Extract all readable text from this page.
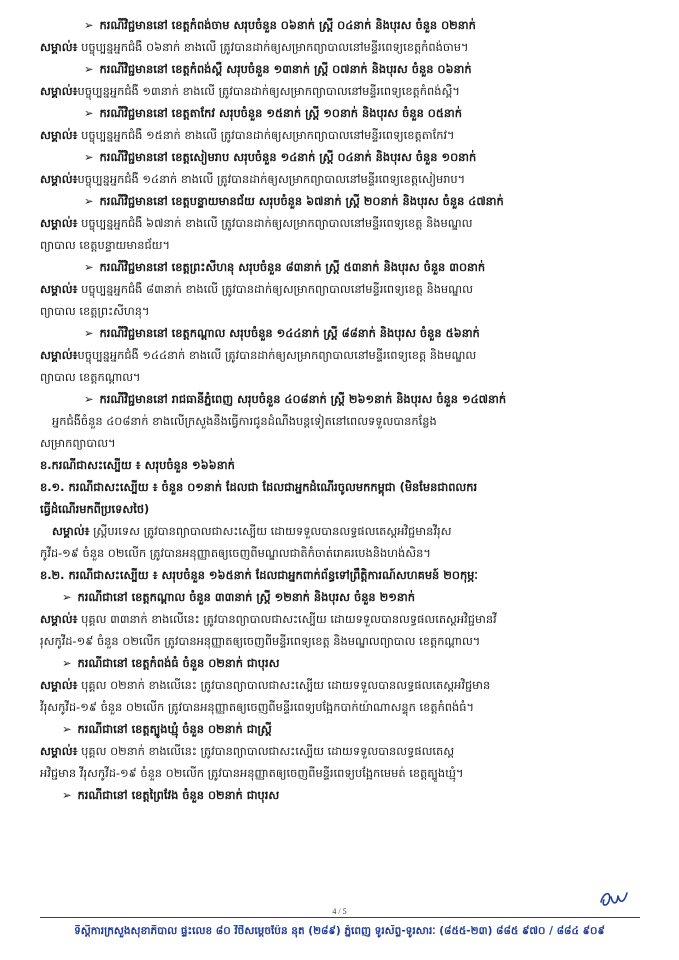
➢ ករណីវិជ្ជមាននៅ ខេត្តកំពង់ចាម សរុបចំនួន ០៦នាក់ ស្ត្រី ០៤នាក់ និងបុរស ចំនួន ០២នាក់
សម្គាល់៖ បច្ចុប្បន្នអ្នកជំងឺ ០៦នាក់ ខាងលើ ត្រូវបានដាក់ឲ្យសម្រាកព្យាបាលនៅមន្ទីរពេទ្យខេត្តកំពង់ចាម។
➢ ករណីវិជ្ជមាននៅ ខេត្តកំពង់ស្ពឺ សរុបចំនួន ១៣នាក់ ស្ត្រី ០៧នាក់ និងបុរស ចំនួន ០៦នាក់
សម្គាល់៖បច្ចុប្បន្នអ្នកជំងឺ ១៣នាក់ ខាងលើ ត្រូវបានដាក់ឲ្យសម្រាកព្យាបាលនៅមន្ទីរពេទ្យខេត្តកំពង់ស្ពឺ។
➢ ករណីវិជ្ជមាននៅ ខេត្តតាកែវ សរុបចំនួន ១៥នាក់ ស្ត្រី ១០នាក់ និងបុរស ចំនួន ០៥នាក់
សម្គាល់៖ បច្ចុប្បន្នអ្នកជំងឺ ១៥នាក់ ខាងលើ ត្រូវបានដាក់ឲ្យសម្រាកព្យាបាលនៅមន្ទីរពេទ្យខេត្តតាកែវ។
➢ ករណីវិជ្ជមាននៅ ខេត្តសៀមរាប សរុបចំនួន ១៤នាក់ ស្ត្រី ០៤នាក់ និងបុរស ចំនួន ១០នាក់
សម្គាល់៖បច្ចុប្បន្នអ្នកជំងឺ ១៤នាក់ ខាងលើ ត្រូវបានដាក់ឲ្យសម្រាកព្យាបាលនៅមន្ទីរពេទ្យខេត្តសៀមរាប។
➢ ករណីវិជ្ជមាននៅ ខេត្តបន្ទាយមានជ័យ សរុបចំនួន ៦៧នាក់ ស្ត្រី ២០នាក់ និងបុរស ចំនួន ៤៧នាក់
សម្គាល់៖ បច្ចុប្បន្នអ្នកជំងឺ ៦៧នាក់ ខាងលើ ត្រូវបានដាក់ឲ្យសម្រាកព្យាបាលនៅមន្ទីរពេទ្យខេត្ត និងមណ្ឌល
ព្យាបាល ខេត្តបន្ទាយមានជ័យ។
➢ ករណីវិជ្ជមាននៅ ខេត្តព្រះសីហនុ សរុបចំនួន ៨៣នាក់ ស្ត្រី ៥៣នាក់ និងបុរស ចំនួន ៣០នាក់
សម្គាល់៖ បច្ចុប្បន្នអ្នកជំងឺ ៨៣នាក់ ខាងលើ ត្រូវបានដាក់ឲ្យសម្រាកព្យាបាលនៅមន្ទីរពេទ្យខេត្ត និងមណ្ឌល
ព្យាបាល ខេត្តព្រះសីហនុ។
➢ ករណីវិជ្ជមាននៅ ខេត្តកណ្ដាល សរុបចំនួន ១៤៤នាក់ ស្ត្រី ៨៨នាក់ និងបុរស ចំនួន ៥៦នាក់
សម្គាល់៖បច្ចុប្បន្នអ្នកជំងឺ ១៤៤នាក់ ខាងលើ ត្រូវបានដាក់ឲ្យសម្រាកព្យាបាលនៅមន្ទីរពេទ្យខេត្ត និងមណ្ឌល
ព្យាបាល ខេត្តកណ្ដាល។
➢ ករណីវិជ្ជមាននៅ រាជធានីភ្នំពេញ សរុបចំនួន ៤០៨នាក់ ស្ត្រី ២៦១នាក់ និងបុរស ចំនួន ១៤៧នាក់
អ្នកជំងឺចំនួន ៤០៨នាក់ ខាងលើក្រសួងនឹងធ្វើការជូនដំណឹងបន្តទៀតនៅពេលទទួលបានកន្លែង
សម្រាកព្យាបាល។
ខ.ករណីជាសះស្បើយ ៖ សរុបចំនួន ១៦៦នាក់
ខ.១. ករណីជាសះស្បើយ ៖ ចំនួន ០១នាក់ ដែលជា ដែលជាអ្នកដំណើរចូលមកកម្ពុជា (មិនមែនជាពលករ
ធ្វើដំណើរមកពីប្រទេសថៃ)
សម្គាល់៖ ស្ត្រីបរទេស ត្រូវបានព្យាបាលជាសះស្បើយ ដោយទទួលបានលទ្ធផលតេស្តអវិជ្ជមានវីរុស
កូវីដ-១៩ ចំនួន ០២លើក ត្រូវបានអនុញ្ញាតឲ្យចេញពីមណ្ឌលជាតិកំចាត់រោគរបេងនិងហង់សិន។
ខ.២. ករណីជាសះស្បើយ ៖ សរុបចំនួន ១៦៥នាក់ ដែលជាអ្នកពាក់ព័ន្ធទៅព្រឹត្តិការណ៍សហគមន៍ ២០កុម្ភៈ
➢ ករណីជានៅ ខេត្តកណ្ដាល ចំនួន ៣៣នាក់ ស្ត្រី ១២នាក់ និងបុរស ចំនួន ២១នាក់
សម្គាល់៖ បុគ្គល ៣៣នាក់ ខាងលើនេះ ត្រូវបានព្យាបាលជាសះស្បើយ ដោយទទួលបានលទ្ធផលតេស្តអវិជ្ជមានវី
រុសកូវីដ-១៩ ចំនួន ០២លើក ត្រូវបានអនុញ្ញាតឲ្យចេញពីមន្ទីរពេទ្យខេត្ត និងមណ្ឌលព្យាបាល ខេត្តកណ្ដាល។
➢ ករណីជានៅ ខេត្តកំពង់ធំ ចំនួន ០២នាក់ ជាបុរស
សម្គាល់៖ បុគ្គល ០២នាក់ ខាងលើនេះ ត្រូវបានព្យាបាលជាសះស្បើយ ដោយទទួលបានលទ្ធផលតេស្តអវិជ្ជមាន
វីរុសកូវីដ-១៩ ចំនួន ០២លើក ត្រូវបានអនុញ្ញាតឲ្យចេញពីមន្ទីរពេទ្យបង្អែកបាក់យ៉ាណាសន្ទុក ខេត្តកំពង់ធំ។
➢ ករណីជានៅ ខេត្តត្បូងឃ្មុំ ចំនួន ០២នាក់ ជាស្ត្រី
សម្គាល់៖ បុគ្គល ០២នាក់ ខាងលើនេះ ត្រូវបានព្យាបាលជាសះស្បើយ ដោយទទួលបានលទ្ធផលតេស្ត
អវិជ្ជមាន វីរុសកូវីដ-១៩ ចំនួន ០២លើក ត្រូវបានអនុញ្ញាតឲ្យចេញពីមន្ទីរពេទ្យបង្អែកមេមត់ ខេត្តត្បូងឃ្មុំ។
➢ ករណីជានៅ ខេត្តព្រៃវែង ចំនួន ០២នាក់ ជាបុរស
4 / 5
ទីស្តីការក្រសួងសុខាភិបាល ផ្ទះលេខ ៨០ វិថីសម្ដេចប៉ែន នុត (២៨៩) ភ្នំពេញ ទូរស័ព្ទ-ទូរសារៈ (៨៥៥-២៣) ៨៨៥ ៩៧០ / ៨៨៤ ៩០៩
